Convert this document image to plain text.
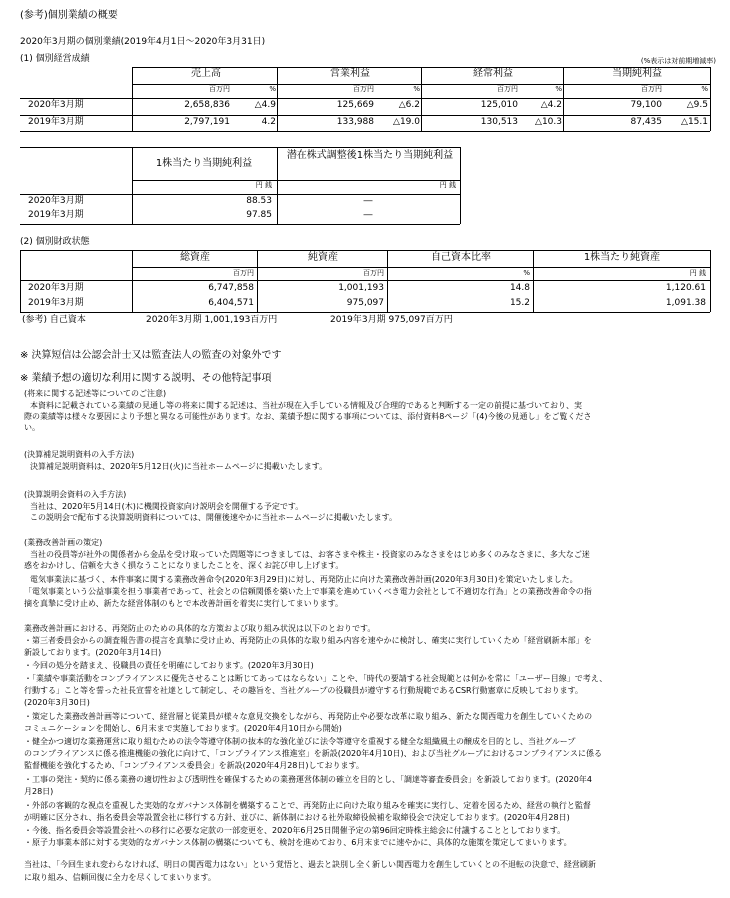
(参考)個別業績の概要
2020年3月期の個別業績(2019年4月1日～2020年3月31日)
(1) 個別経営成績	(%表示は対前期増減率)
売上高	営業利益	経常利益	当期純利益
百万円	%	百万円	%	百万円	%	百万円	%
2020年3月期	2,658,836	△4.9	125,669	△6.2	125,010	△4.2	79,100	△9.5
2019年3月期	2,797,191	4.2	133,988	△19.0	130,513	△10.3	87,435	△15.1
1株当たり当期純利益
潜在株式調整後1株当たり当期純利益
円 銭	円 銭
2020年3月期	88.53	―
2019年3月期	97.85	―
(2) 個別財政状態
総資産	純資産	自己資本比率	1株当たり純資産
百万円	百万円	%	円 銭
2020年3月期	6,747,858	1,001,193	14.8	1,120.61
2019年3月期	6,404,571	975,097	15.2	1,091.38
(参考) 自己資本	2020年3月期 1,001,193百万円	2019年3月期 975,097百万円
※ 決算短信は公認会計士又は監査法人の監査の対象外です
※ 業績予想の適切な利用に関する説明、その他特記事項
(将来に関する記述等についてのご注意)
本資料に記載されている業績の見通し等の将来に関する記述は、当社が現在入手している情報及び合理的であると判断する一定の前提に基づいており、実
際の業績等は様々な要因により予想と異なる可能性があります。なお、業績予想に関する事項については、添付資料8ページ「(4)今後の見通し」をご覧くださ
い。
(決算補足説明資料の入手方法)
決算補足説明資料は、2020年5月12日(火)に当社ホームページに掲載いたします。
(決算説明会資料の入手方法)
当社は、2020年5月14日(木)に機関投資家向け説明会を開催する予定です。
この説明会で配布する決算説明資料については、開催後速やかに当社ホームページに掲載いたします。
(業務改善計画の策定)
当社の役員等が社外の関係者から金品を受け取っていた問題等につきましては、お客さまや株主・投資家のみなさまをはじめ多くのみなさまに、多大なご迷
惑をおかけし、信頼を大きく損なうことになりましたことを、深くお詫び申し上げます。
電気事業法に基づく、本件事案に関する業務改善命令(2020年3月29日)に対し、再発防止に向けた業務改善計画(2020年3月30日)を策定いたしました。
「電気事業という公益事業を担う事業者であって、社会との信頼関係を築いた上で事業を進めていくべき電力会社として不適切な行為」との業務改善命令の指
摘を真摯に受け止め、新たな経営体制のもとで本改善計画を着実に実行してまいります。
業務改善計画における、再発防止のための具体的な方策および取り組み状況は以下のとおりです。
・第三者委員会からの調査報告書の提言を真摯に受け止め、再発防止の具体的な取り組み内容を速やかに検討し、確実に実行していくため「経営刷新本部」を
新設しております。(2020年3月14日)
・今回の処分を踏まえ、役職員の責任を明確にしております。(2020年3月30日)
・「業績や事業活動をコンプライアンスに優先させることは断じてあってはならない」ことや、「時代の要請する社会規範とは何かを常に「ユーザー目線」で考え、
行動する」こと等を誓った社長宣誓を社達として制定し、その趣旨を、当社グループの役職員が遵守する行動規範であるCSR行動憲章に反映しております。
(2020年3月30日)
・策定した業務改善計画等について、経営層と従業員が様々な意見交換をしながら、再発防止や必要な改革に取り組み、新たな関西電力を創生していくための
コミュニケーションを開始し、6月末まで実施しております。(2020年4月10日から開始)
・健全かつ適切な業務運営に取り組むための法令等遵守体制の抜本的な強化並びに法令等遵守を重視する健全な組織風土の醸成を目的とし、当社グループ
のコンプライアンスに係る推進機能の強化に向けて、「コンプライアンス推進室」を新設(2020年4月10日)、および当社グループにおけるコンプライアンスに係る
監督機能を強化するため、「コンプライアンス委員会」を新設(2020年4月28日)しております。
・工事の発注・契約に係る業務の適切性および透明性を確保するための業務運営体制の確立を目的とし、「調達等審査委員会」を新設しております。(2020年4
月28日)
・外部の客観的な視点を重視した実効的なガバナンス体制を構築することで、再発防止に向けた取り組みを確実に実行し、定着を図るため、経営の執行と監督
が明確に区分され、指名委員会等設置会社に移行する方針、並びに、新体制における社外取締役候補を取締役会で決定しております。(2020年4月28日)
・今後、指名委員会等設置会社への移行に必要な定款の一部変更を、2020年6月25日開催予定の第96回定時株主総会に付議することとしております。
・原子力事業本部に対する実効的なガバナンス体制の構築についても、検討を進めており、6月末までに速やかに、具体的な施策を策定してまいります。
当社は、「今回生まれ変わらなければ、明日の関西電力はない」という覚悟と、過去と訣別し全く新しい関西電力を創生していくとの不退転の決意で、経営刷新
に取り組み、信頼回復に全力を尽くしてまいります。
